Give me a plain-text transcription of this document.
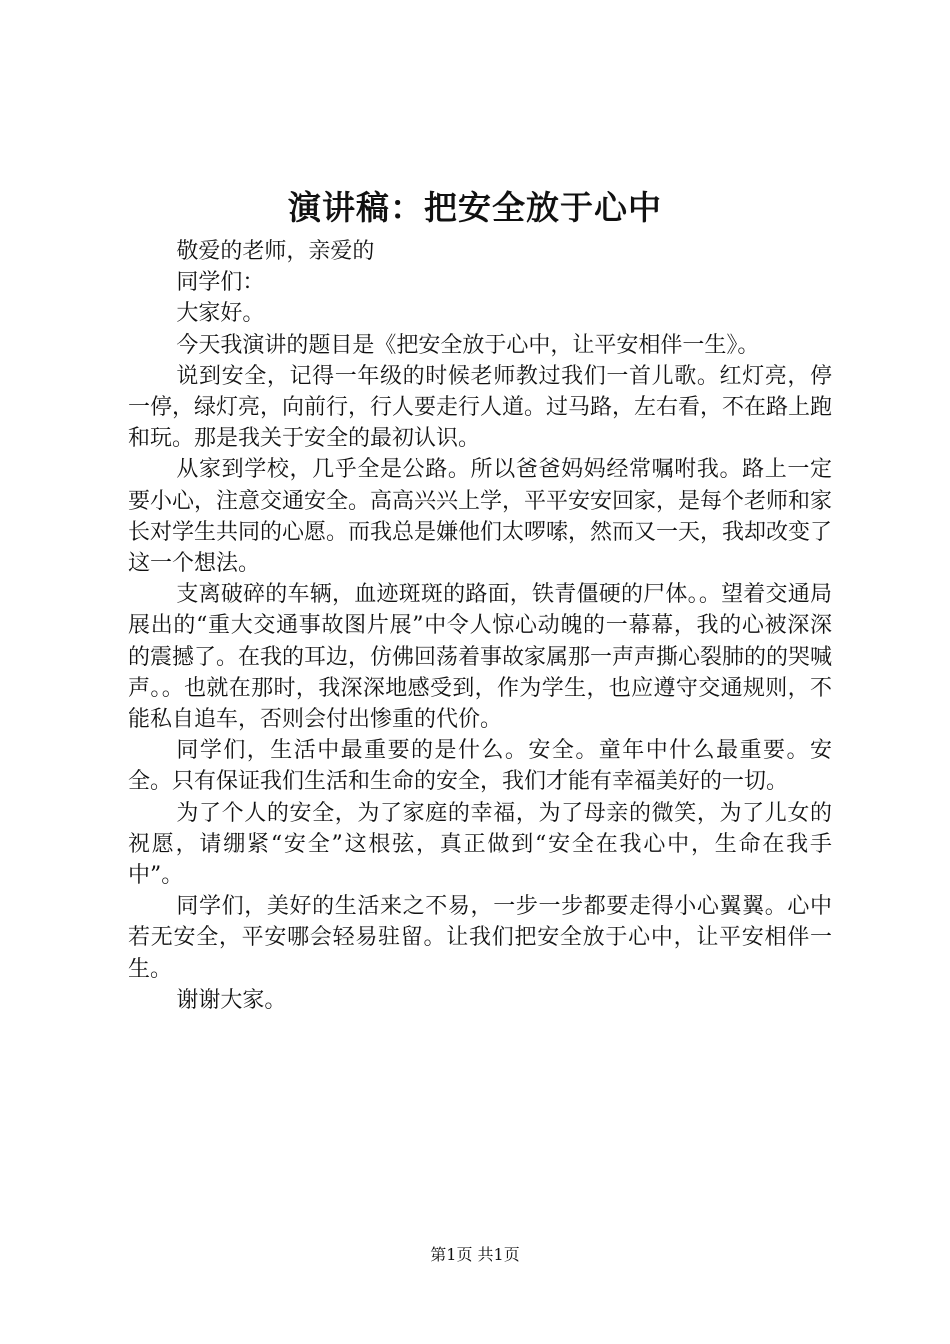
演讲稿：把安全放于心中

敬爱的老师，亲爱的

同学们：

大家好。

今天我演讲的题目是《把安全放于心中，让平安相伴一生》。

说到安全，记得一年级的时候老师教过我们一首儿歌。红灯亮，停一停，绿灯亮，向前行，行人要走行人道。过马路，左右看，不在路上跑和玩。那是我关于安全的最初认识。

从家到学校，几乎全是公路。所以爸爸妈妈经常嘱咐我。路上一定要小心，注意交通安全。高高兴兴上学，平平安安回家，是每个老师和家长对学生共同的心愿。而我总是嫌他们太啰嗦，然而又一天，我却改变了这一个想法。

支离破碎的车辆，血迹斑斑的路面，铁青僵硬的尸体。。望着交通局展出的“重大交通事故图片展”中令人惊心动魄的一幕幕，我的心被深深的震撼了。在我的耳边，仿佛回荡着事故家属那一声声撕心裂肺的的哭喊声。。也就在那时，我深深地感受到，作为学生，也应遵守交通规则，不能私自追车，否则会付出惨重的代价。

同学们，生活中最重要的是什么。安全。童年中什么最重要。安全。只有保证我们生活和生命的安全，我们才能有幸福美好的一切。

为了个人的安全，为了家庭的幸福，为了母亲的微笑，为了儿女的祝愿，请绷紧“安全”这根弦，真正做到“安全在我心中，生命在我手中”。

同学们，美好的生活来之不易，一步一步都要走得小心翼翼。心中若无安全，平安哪会轻易驻留。让我们把安全放于心中，让平安相伴一生。

谢谢大家。

第1页 共1页
